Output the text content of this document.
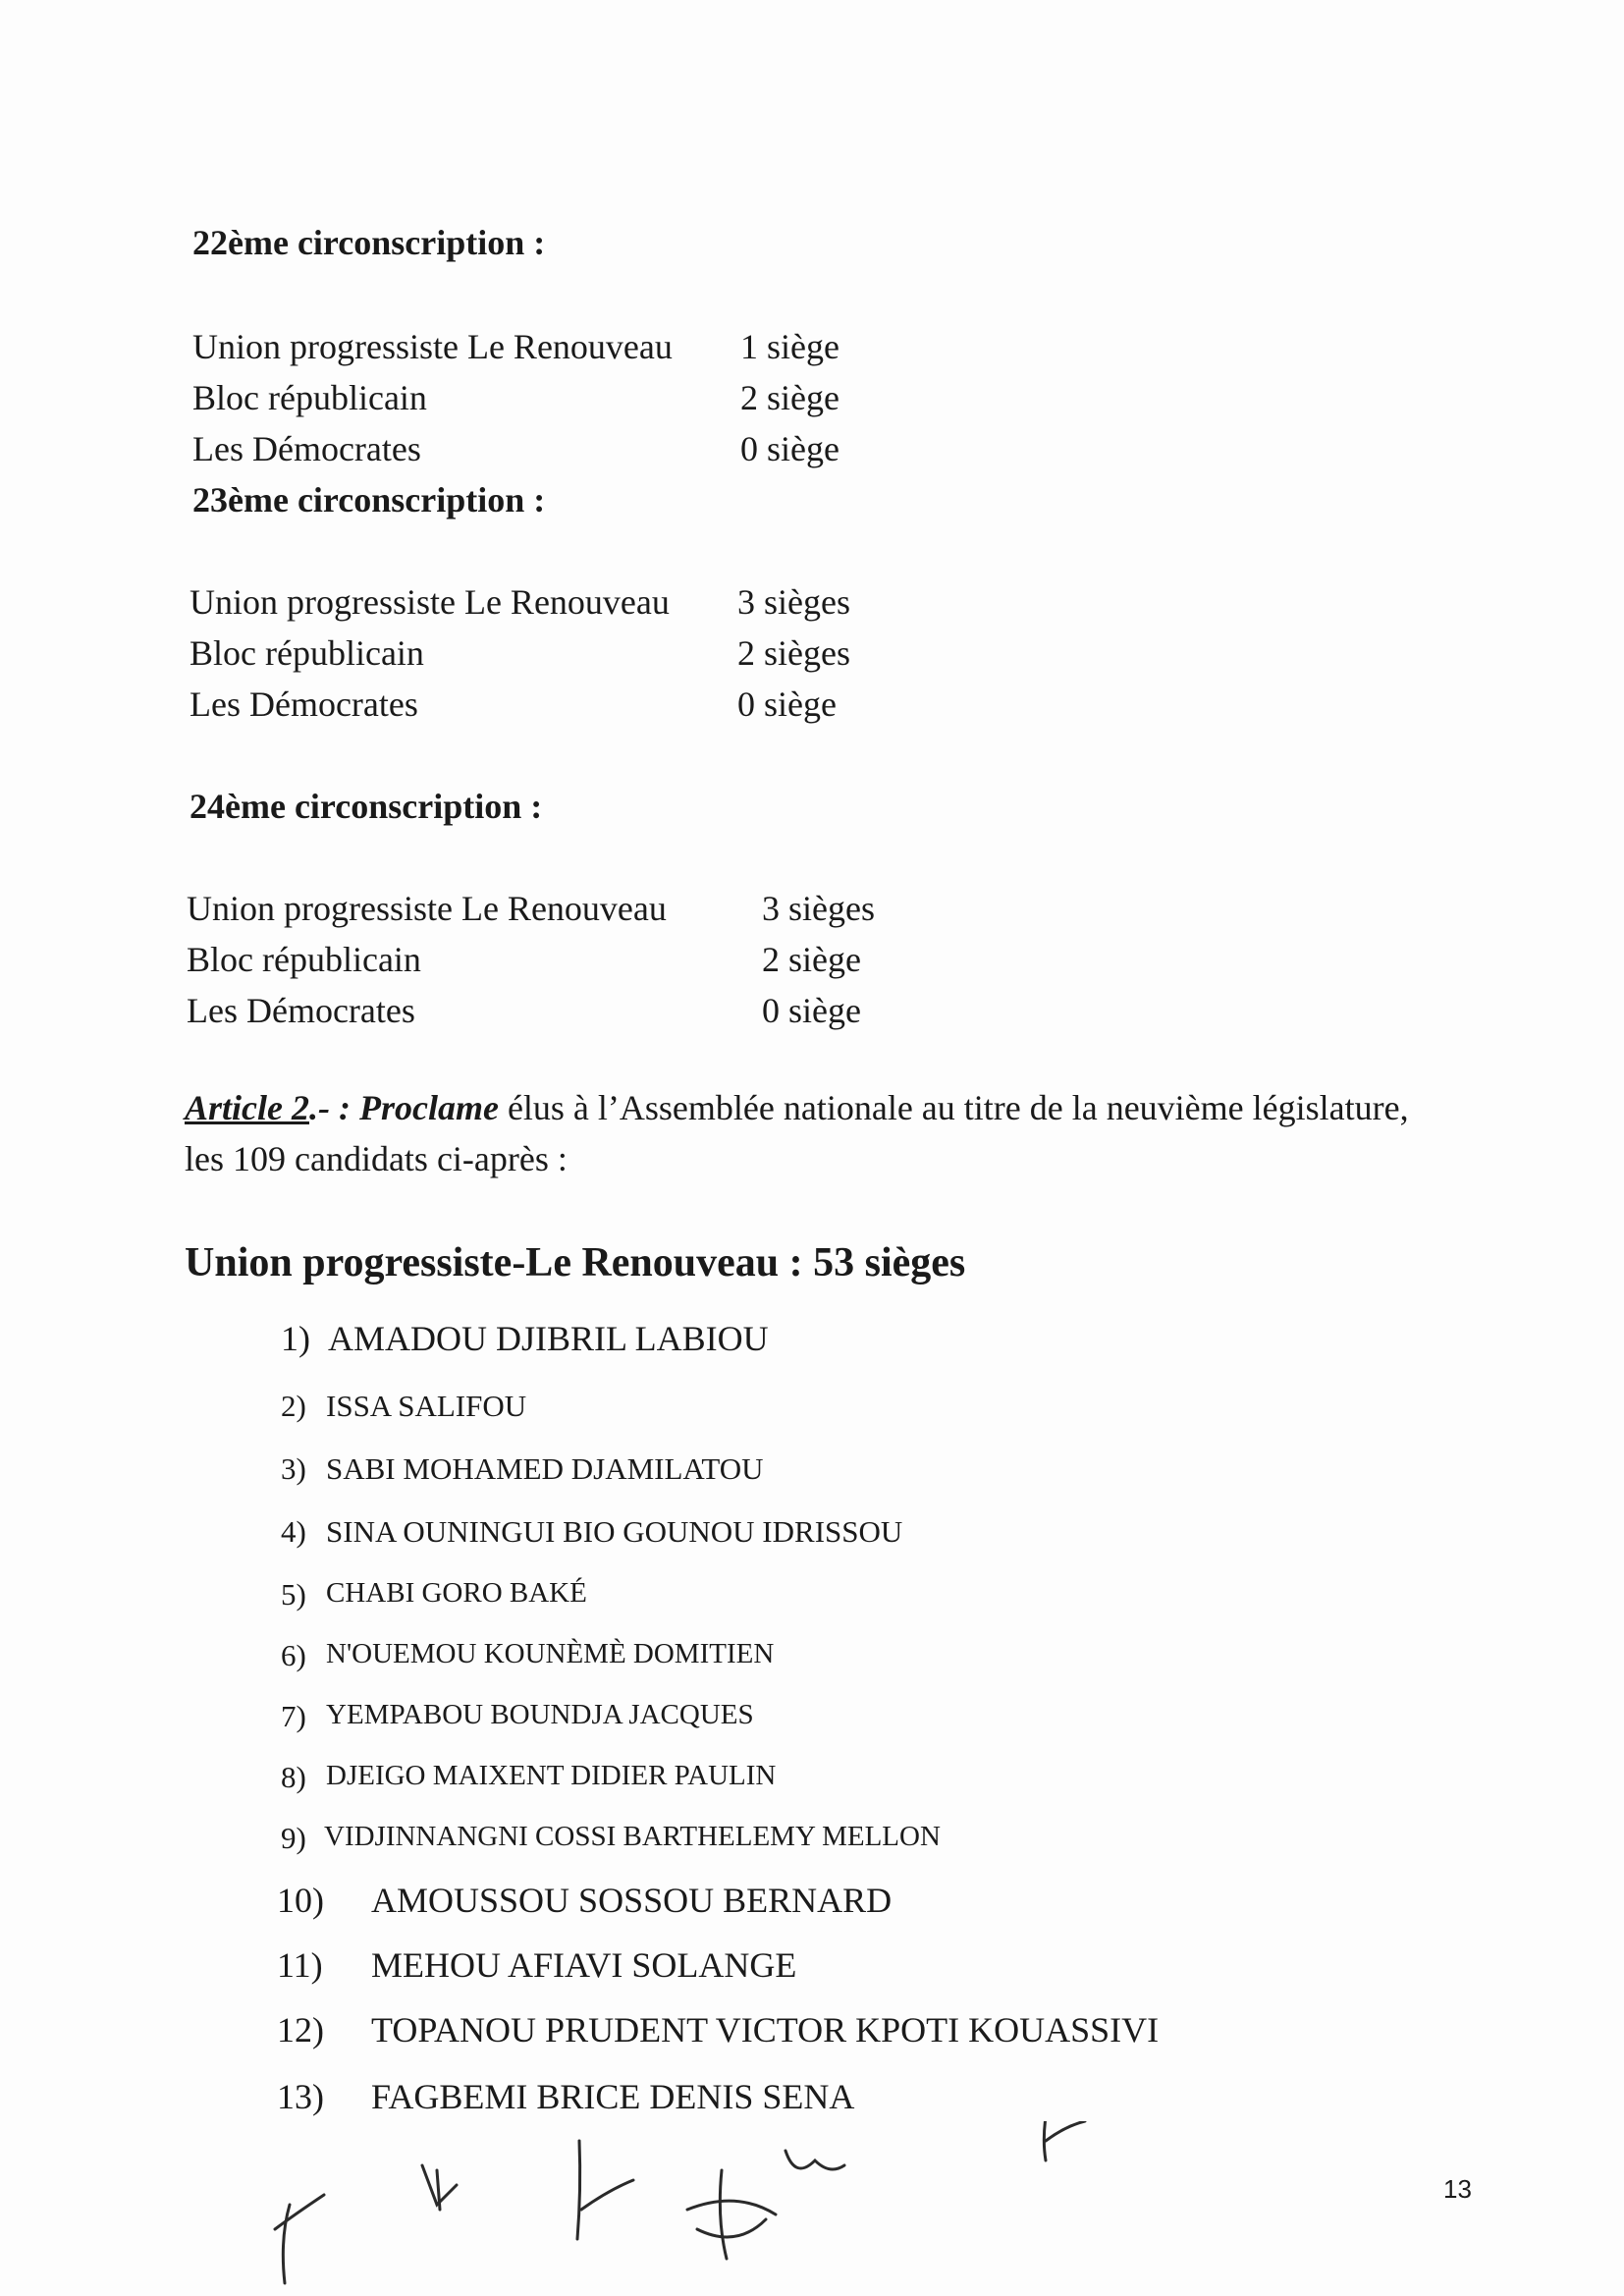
22ème circonscription :
Union progressiste Le Renouveau 1 siège
Bloc républicain	2 siège
Les Démocrates	0 siège
23ème circonscription :
Union progressiste Le Renouveau 3 sièges
Bloc républicain	2 sièges
Les Démocrates	0 siège
24ème circonscription :
Union progressiste Le Renouveau	3 sièges
Bloc républicain	2 siège
Les Démocrates	0 siège
Article 2.- : Proclame élus à l’Assemblée nationale au titre de la neuvième législature,
les 109 candidats ci-après :
Union progressiste-Le Renouveau : 53 sièges
1) AMADOU DJIBRIL LABIOU
2) ISSA SALIFOU
3) SABI MOHAMED DJAMILATOU
4) SINA OUNINGUI BIO GOUNOU IDRISSOU
5) CHABI GORO BAKÉ
6) N'OUEMOU KOUNÈMÈ DOMITIEN
7) YEMPABOU BOUNDJA JACQUES
8) DJEIGO MAIXENT DIDIER PAULIN
9) VIDJINNANGNI COSSI BARTHELEMY MELLON
10) AMOUSSOU SOSSOU BERNARD
11) MEHOU AFIAVI SOLANGE
12) TOPANOU PRUDENT VICTOR KPOTI KOUASSIVI
13) FAGBEMI BRICE DENIS SENA
13
